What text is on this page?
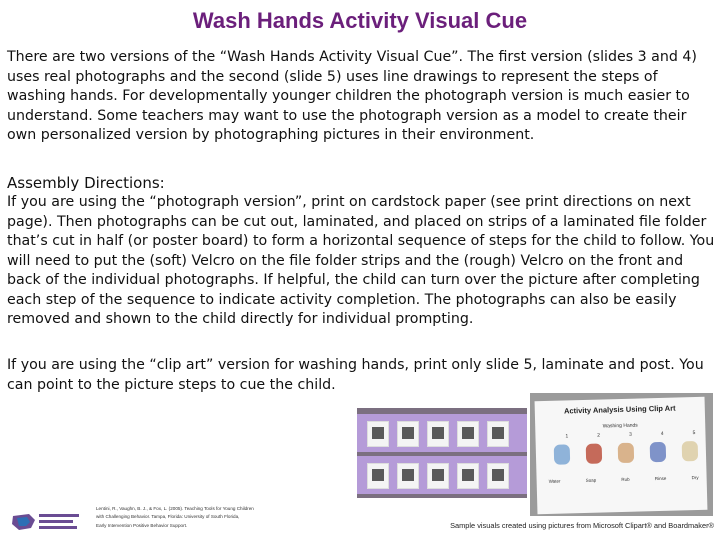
Wash Hands Activity Visual Cue

There are two versions of the “Wash Hands Activity Visual Cue”. The first version (slides 3 and 4) uses real photographs and the second (slide 5) uses line drawings to represent the steps of washing hands. For developmentally younger children the photograph version is much easier to understand. Some teachers may want to use the photograph version as a model to create their own personalized version by photographing pictures in their environment.

Assembly Directions:

If you are using the “photograph version”, print on cardstock paper (see print directions on next page). Then photographs can be cut out, laminated, and placed on strips of a laminated file folder that’s cut in half (or poster board) to form a horizontal sequence of steps for the child to follow. You will need to put the (soft) Velcro on the file folder strips and the (rough) Velcro on the front and back of the individual photographs. If helpful, the child can turn over the picture after completing each step of the sequence to indicate activity completion. The photographs can also be easily removed and shown to the child directly for individual prompting.

If you are using the “clip art” version for washing hands, print only slide 5, laminate and post. You can point to the picture steps to cue the child.

Activity Analysis Using Clip Art
Washing Hands
1	2	3	4	5
Water	Soap	Rub	Rinse	Dry
Lentini, R., Vaughn, B. J., & Fox, L. (2005). Teaching Tools for Young Children
with Challenging Behavior. Tampa, Florida: University of South Florida,
Early Intervention Positive Behavior Support.	Sample visuals created using pictures from Microsoft Clipart® and Boardmaker®
